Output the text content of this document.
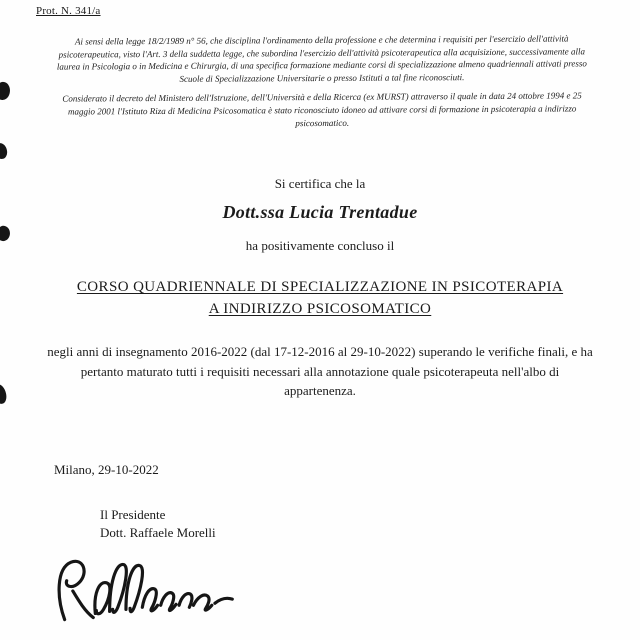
Prot. N. 341/a

Ai sensi della legge 18/2/1989 n° 56, che disciplina l'ordinamento della professione e che determina i requisiti per l'esercizio dell'attività psicoterapeutica, visto l'Art. 3 della suddetta legge, che subordina l'esercizio dell'attività psicoterapeutica alla acquisizione, successivamente alla laurea in Psicologia o in Medicina e Chirurgia, di una specifica formazione mediante corsi di specializzazione almeno quadriennali attivati presso Scuole di Specializzazione Universitarie o presso Istituti a tal fine riconosciuti.

Considerato il decreto del Ministero dell'Istruzione, dell'Università e della Ricerca (ex MURST) attraverso il quale in data 24 ottobre 1994 e 25 maggio 2001 l'Istituto Riza di Medicina Psicosomatica è stato riconosciuto idoneo ad attivare corsi di formazione in psicoterapia a indirizzo psicosomatico.

Si certifica che la
Dott.ssa Lucia Trentadue
ha positivamente concluso il
CORSO QUADRIENNALE DI SPECIALIZZAZIONE IN PSICOTERAPIA
A INDIRIZZO PSICOSOMATICO
negli anni di insegnamento 2016-2022 (dal 17-12-2016 al 29-10-2022) superando le verifiche finali, e ha pertanto maturato tutti i requisiti necessari alla annotazione quale psicoterapeuta nell'albo di appartenenza.
Milano, 29-10-2022
Il Presidente
Dott. Raffaele Morelli
